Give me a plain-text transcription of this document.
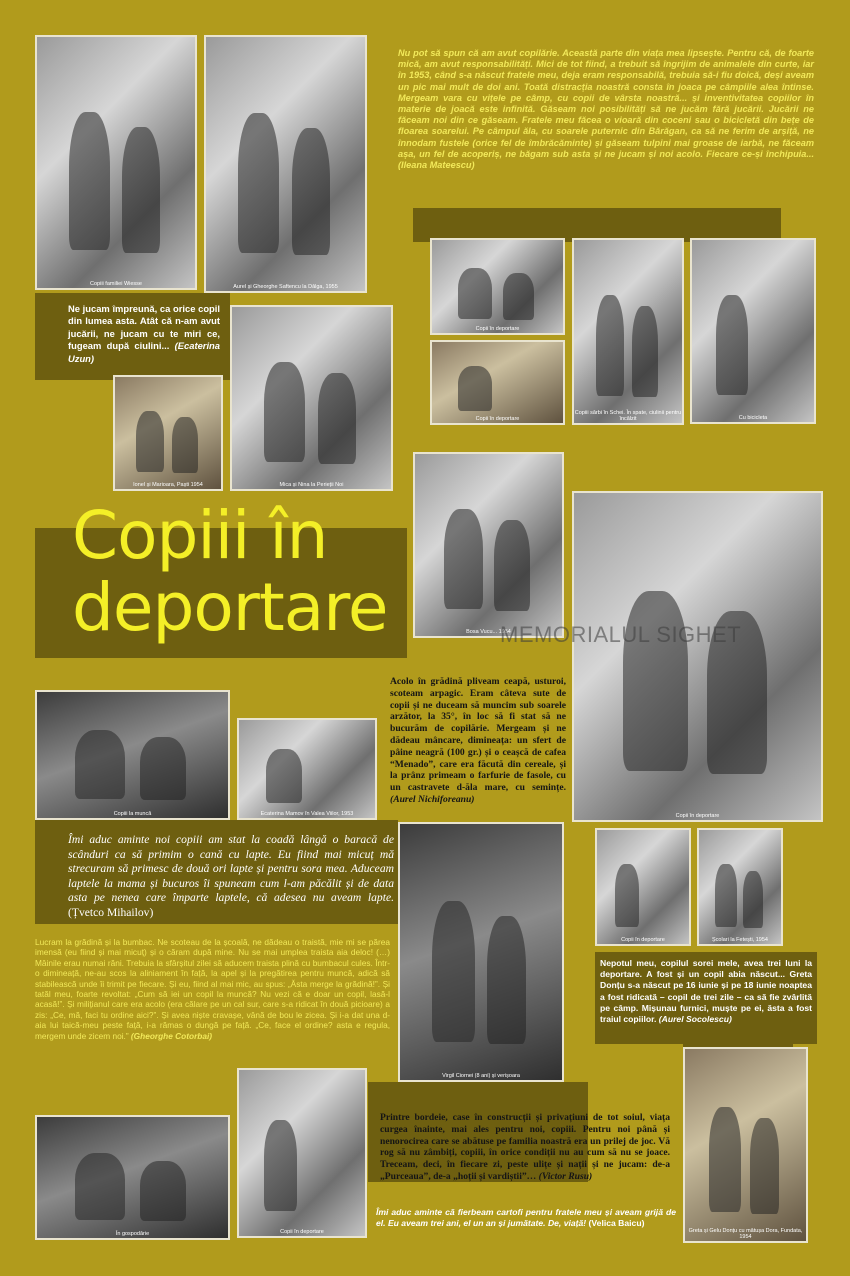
Copiii familiei Wiesse	Aurel și Gheorghe Saftencu la Dâlga, 1955
Copii în deportare
Copii în deportare
Copiii sârbi în Schei. În spate, ciulinii pentru încălzit	Cu bicicleta
Ionel și Marioara, Paști 1954	Mica și Nina la Perieții Noi
Bosa Vucu... 1954
Copii în deportare
Copiii la muncă	Ecaterina Mamov în Valea Viilor, 1953
Virgil Ciornei (8 ani) și verișoara
Copii în deportare	Școlari la Fetești, 1954
Greta și Gelu Donțu cu mătușa Dora, Fundata, 1954
Copii în deportare
În gospodărie
Copiii în
deportare	MEMORIALUL SIGHET
Nu pot să spun că am avut copilărie. Această parte din viața mea lipsește. Pentru că, de foarte mică, am avut responsabilități. Mici de tot fiind, a trebuit să îngrijim de animalele din curte, iar în 1953, când s-a născut fratele meu, deja eram responsabilă, trebuia să-i fiu doică, deși aveam un pic mai mult de doi ani. Toată distracția noastră consta în joaca pe câmpiile alea întinse. Mergeam vara cu vițele pe câmp, cu copii de vârsta noastră... și inventivitatea copiilor în materie de joacă este infinită. Găseam noi posibilități să ne jucăm fără jucării. Jucării ne făceam noi din ce găseam. Fratele meu făcea o vioară din coceni sau o bicicletă din bețe de floarea soarelui. Pe câmpul ăla, cu soarele puternic din Bărăgan, ca să ne ferim de arșiță, ne înnodam fustele (orice fel de îmbrăcăminte) și găseam tulpini mai groase de iarbă, ne făceam așa, un fel de acoperiș, ne băgam sub asta și ne jucam și noi acolo. Fiecare ce-și închipuia... (Ileana Mateescu)
Ne jucam împreună, ca orice copil din lumea asta. Atât că n-am avut jucării, ne jucam cu te miri ce, fugeam după ciulini... (Ecaterina Uzun)
Acolo în grădină pliveam ceapă, usturoi, scoteam arpagic. Eram câteva sute de copii și ne duceam să muncim sub soarele arzător, la 35°, în loc să fi stat să ne bucurăm de copilărie. Mergeam și ne dădeau mâncare, dimineața: un sfert de pâine neagră (100 gr.) și o ceașcă de cafea “Menado”, care era făcută din cereale, și la prânz primeam o farfurie de fasole, cu un castravete d-ăla mare, cu semințe. (Aurel Nichiforeanu)
Îmi aduc aminte noi copiii am stat la coadă lângă o baracă de scânduri ca să primim o cană cu lapte. Eu fiind mai micuț mă strecuram să primesc de două ori lapte și pentru sora mea. Aduceam laptele la mama și bucuros îi spuneam cum l-am păcălit și de data asta pe nenea care împarte laptele, că adesea nu aveam lapte. (Țvetco Mihailov)
Lucram la grădină și la bumbac. Ne scoteau de la școală, ne dădeau o traistă, mie mi se părea imensă (eu fiind și mai micuț) și o căram după mine. Nu se mai umplea traista aia deloc! (…) Mâinile erau numai răni. Trebuia la sfârșitul zilei să aducem traista plină cu bumbacul cules. Într-o dimineață, ne-au scos la aliniament în față, la apel și la pregătirea pentru muncă, adică să stabilească unde îi trimit pe fiecare. Și eu, fiind al mai mic, au spus: „Ăsta merge la grădină!”. Și tatăl meu, foarte revoltat: „Cum să iei un copil la muncă? Nu vezi că e doar un copil, lasă-l acasă!”. Și milițianul care era acolo (era călare pe un cal sur, care s-a ridicat în două picioare) a zis: „Ce, mă, faci tu ordine aici?”. Și avea niște cravașe, vână de bou le zicea. Și i-a dat una d-aia lui taică-meu peste față, i-a rămas o dungă pe față. „Ce, face el ordine? asta e regula, mergem unde zicem noi.” (Gheorghe Cotorbai)
Nepotul meu, copilul sorei mele, avea trei luni la deportare. A fost și un copil abia născut... Greta Donțu s-a născut pe 16 iunie și pe 18 iunie noaptea a fost ridicată – copil de trei zile – ca să fie zvârlită pe câmp. Mișunau furnici, muște pe ei, ăsta a fost traiul copiilor. (Aurel Socolescu)
Printre bordeie, case în construcții și privațiuni de tot soiul, viața curgea înainte, mai ales pentru noi, copiii. Pentru noi până și nenorocirea care se abătuse pe familia noastră era un prilej de joc. Vă rog să nu zâmbiți, copiii, în orice condiții nu au cum să nu se joace. Treceam, deci, în fiecare zi, peste ulițe și nații și ne jucam: de-a „Purceaua”, de-a „hoții și vardiștii”… (Victor Rusu)
Îmi aduc aminte că fierbeam cartofi pentru fratele meu și aveam grijă de el. Eu aveam trei ani, el un an și jumătate. De, viață! (Velica Baicu)
